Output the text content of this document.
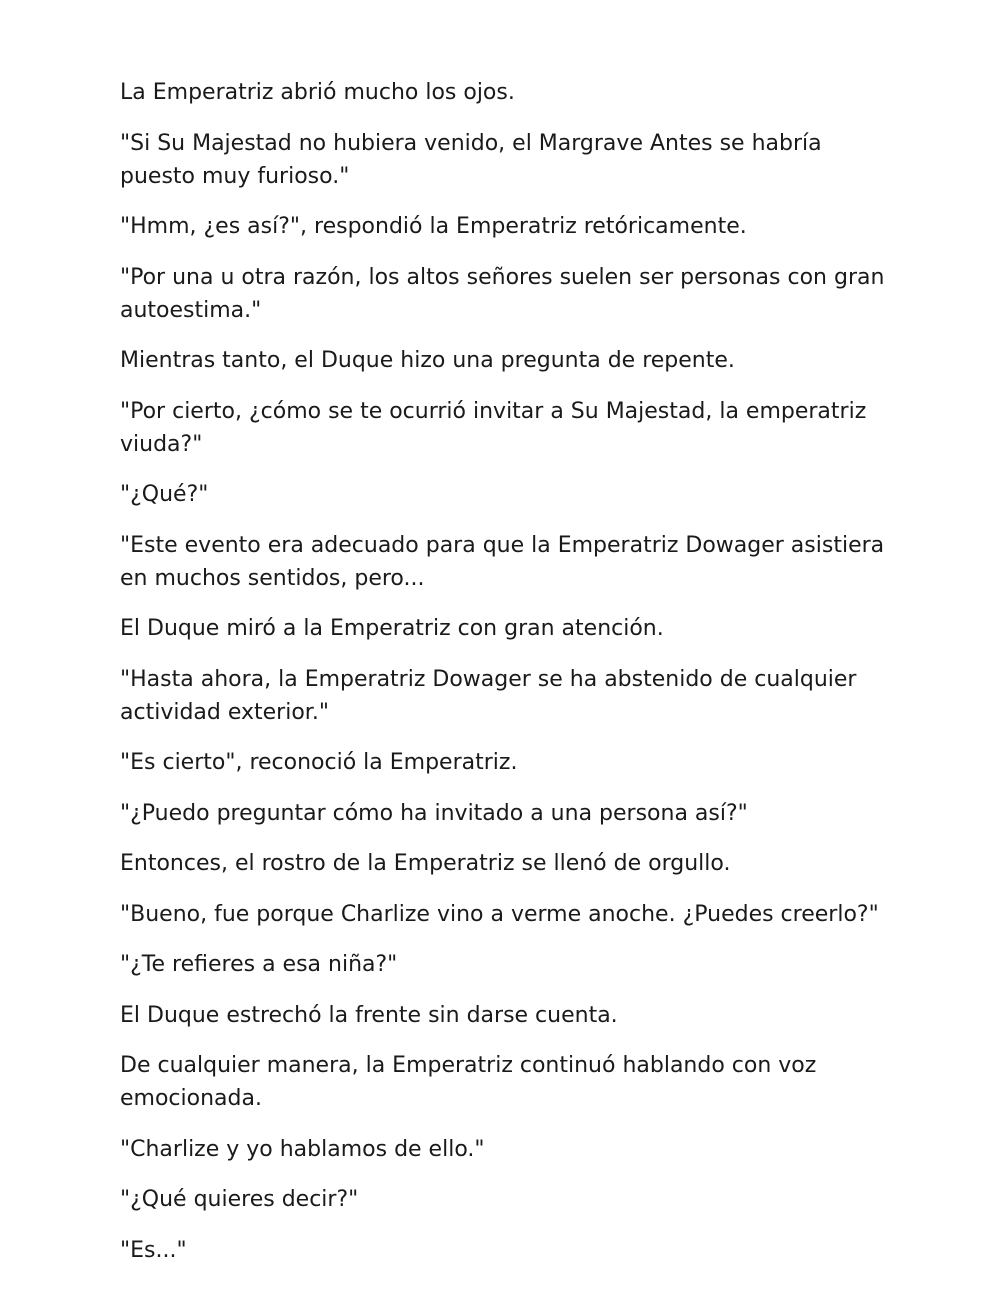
La Emperatriz abrió mucho los ojos.

"Si Su Majestad no hubiera venido, el Margrave Antes se habría puesto muy furioso."

"Hmm, ¿es así?", respondió la Emperatriz retóricamente.

"Por una u otra razón, los altos señores suelen ser personas con gran autoestima."

Mientras tanto, el Duque hizo una pregunta de repente.

"Por cierto, ¿cómo se te ocurrió invitar a Su Majestad, la emperatriz viuda?"

"¿Qué?"

"Este evento era adecuado para que la Emperatriz Dowager asistiera en muchos sentidos, pero...

El Duque miró a la Emperatriz con gran atención.

"Hasta ahora, la Emperatriz Dowager se ha abstenido de cualquier actividad exterior."

"Es cierto", reconoció la Emperatriz.

"¿Puedo preguntar cómo ha invitado a una persona así?"

Entonces, el rostro de la Emperatriz se llenó de orgullo.

"Bueno, fue porque Charlize vino a verme anoche. ¿Puedes creerlo?"

"¿Te refieres a esa niña?"

El Duque estrechó la frente sin darse cuenta.

De cualquier manera, la Emperatriz continuó hablando con voz emocionada.

"Charlize y yo hablamos de ello."

"¿Qué quieres decir?"

"Es..."
